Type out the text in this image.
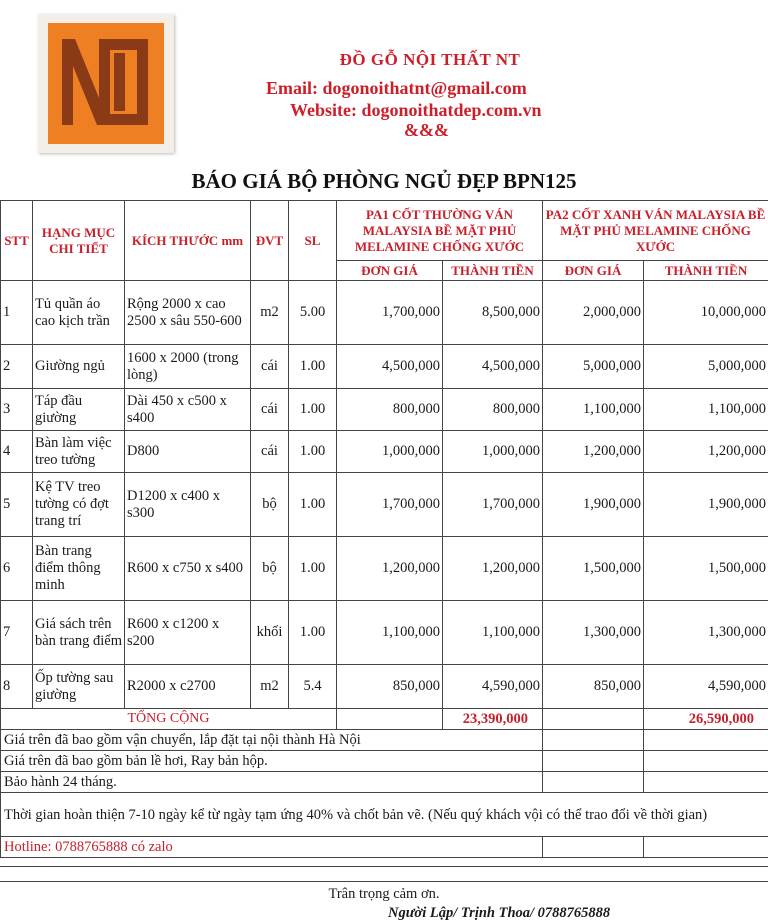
ĐỒ GỖ NỘI THẤT NT
Email: dogonoithatnt@gmail.com
Website: dogonoithatdep.com.vn
&&&
BÁO GIÁ BỘ PHÒNG NGỦ ĐẸP BPN125
STT	HẠNG MỤC CHI TIẾT	KÍCH THƯỚC mm	ĐVT	SL	PA1 CỐT THƯỜNG VÁN MALAYSIA BỀ MẶT PHỦ MELAMINE CHỐNG XƯỚC		PA2 CỐT XANH VÁN MALAYSIA BỀ MẶT PHỦ MELAMINE CHỐNG XƯỚC	
					ĐƠN GIÁ	THÀNH TIỀN	ĐƠN GIÁ	THÀNH TIỀN
1	Tủ quần áo cao kịch trần	Rộng 2000 x cao 2500 x sâu 550-600	m2	5.00	1,700,000	8,500,000	2,000,000	10,000,000
2	Giường ngủ	1600 x 2000 (trong lòng)	cái	1.00	4,500,000	4,500,000	5,000,000	5,000,000
3	Táp đầu giường	Dài 450 x c500 x s400	cái	1.00	800,000	800,000	1,100,000	1,100,000
4	Bàn làm việc treo tường	D800	cái	1.00	1,000,000	1,000,000	1,200,000	1,200,000
5	Kệ TV treo tường có đợt trang trí	D1200 x c400 x s300	bộ	1.00	1,700,000	1,700,000	1,900,000	1,900,000
6	Bàn trang điểm thông minh	R600 x c750 x s400	bộ	1.00	1,200,000	1,200,000	1,500,000	1,500,000
7	Giá sách trên bàn trang điểm	R600 x c1200 x s200	khối	1.00	1,100,000	1,100,000	1,300,000	1,300,000
8	Ốp tường sau giường	R2000 x c2700	m2	5.4	850,000	4,590,000	850,000	4,590,000
TỔNG CỘNG						23,390,000		26,590,000
Giá trên đã bao gồm vận chuyển, lắp đặt tại nội thành Hà Nội								
Giá trên đã bao gồm bản lề hơi, Ray bản hộp.								
Bảo hành 24 tháng.								
Thời gian hoàn thiện 7-10 ngày kể từ ngày tạm ứng 40% và chốt bản vẽ. (Nếu quý khách vội có thể trao đổi về thời gian)								
Hotline: 0788765888 có zalo								
Trân trọng cảm ơn.
Người Lập/ Trịnh Thoa/ 0788765888
